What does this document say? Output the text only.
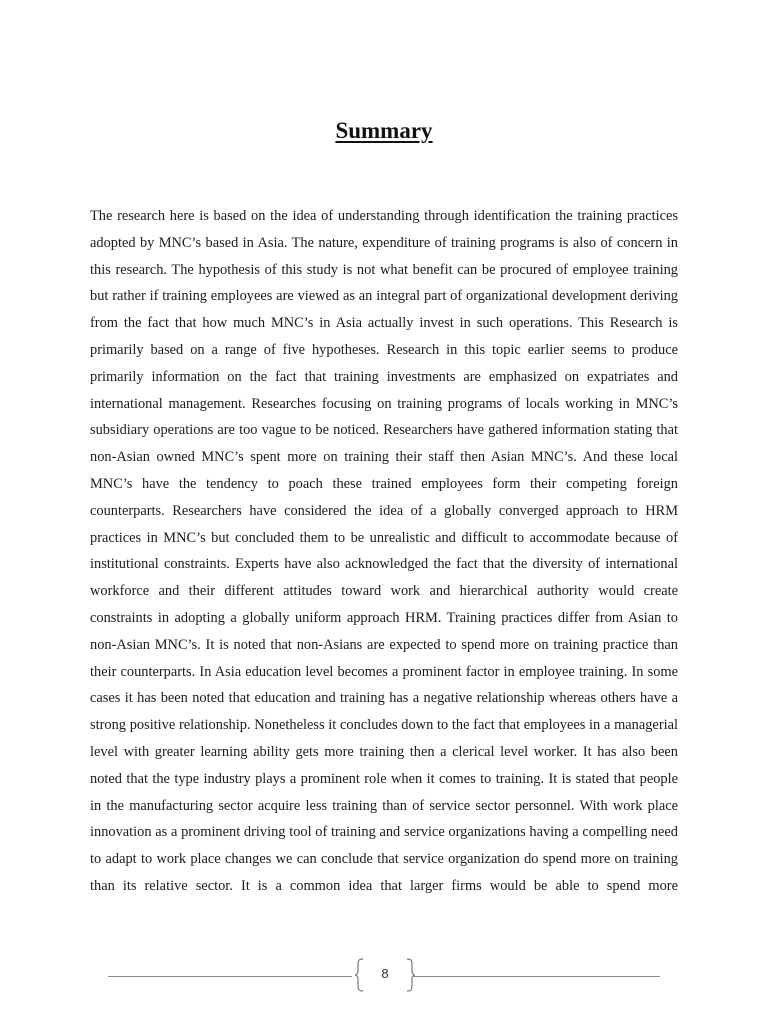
Summary

The research here is based on the idea of understanding through identification the training practices adopted by MNC’s based in Asia. The nature, expenditure of training programs is also of concern in this research. The hypothesis of this study is not what benefit can be procured of employee training but rather if training employees are viewed as an integral part of organizational development deriving from the fact that how much MNC’s in Asia actually invest in such operations. This Research is primarily based on a range of five hypotheses. Research in this topic earlier seems to produce primarily information on the fact that training investments are emphasized on expatriates and international management. Researches focusing on training programs of locals working in MNC’s subsidiary operations are too vague to be noticed. Researchers have gathered information stating that non-Asian owned MNC’s spent more on training their staff then Asian MNC’s. And these local MNC’s have the tendency to poach these trained employees form their competing foreign counterparts. Researchers have considered the idea of a globally converged approach to HRM practices in MNC’s but concluded them to be unrealistic and difficult to accommodate because of institutional constraints. Experts have also acknowledged the fact that the diversity of international workforce and their different attitudes toward work and hierarchical authority would create constraints in adopting a globally uniform approach HRM. Training practices differ from Asian to non-Asian MNC’s. It is noted that non-Asians are expected to spend more on training practice than their counterparts. In Asia education level becomes a prominent factor in employee training. In some cases it has been noted that education and training has a negative relationship whereas others have a strong positive relationship. Nonetheless it concludes down to the fact that employees in a managerial level with greater learning ability gets more training then a clerical level worker. It has also been noted that the type industry plays a prominent role when it comes to training. It is stated that people in the manufacturing sector acquire less training than of service sector personnel. With work place innovation as a prominent driving tool of training and service organizations having a compelling need to adapt to work place changes we can conclude that service organization do spend more on training than its relative sector. It is a common idea that larger firms would be able to spend more

8
